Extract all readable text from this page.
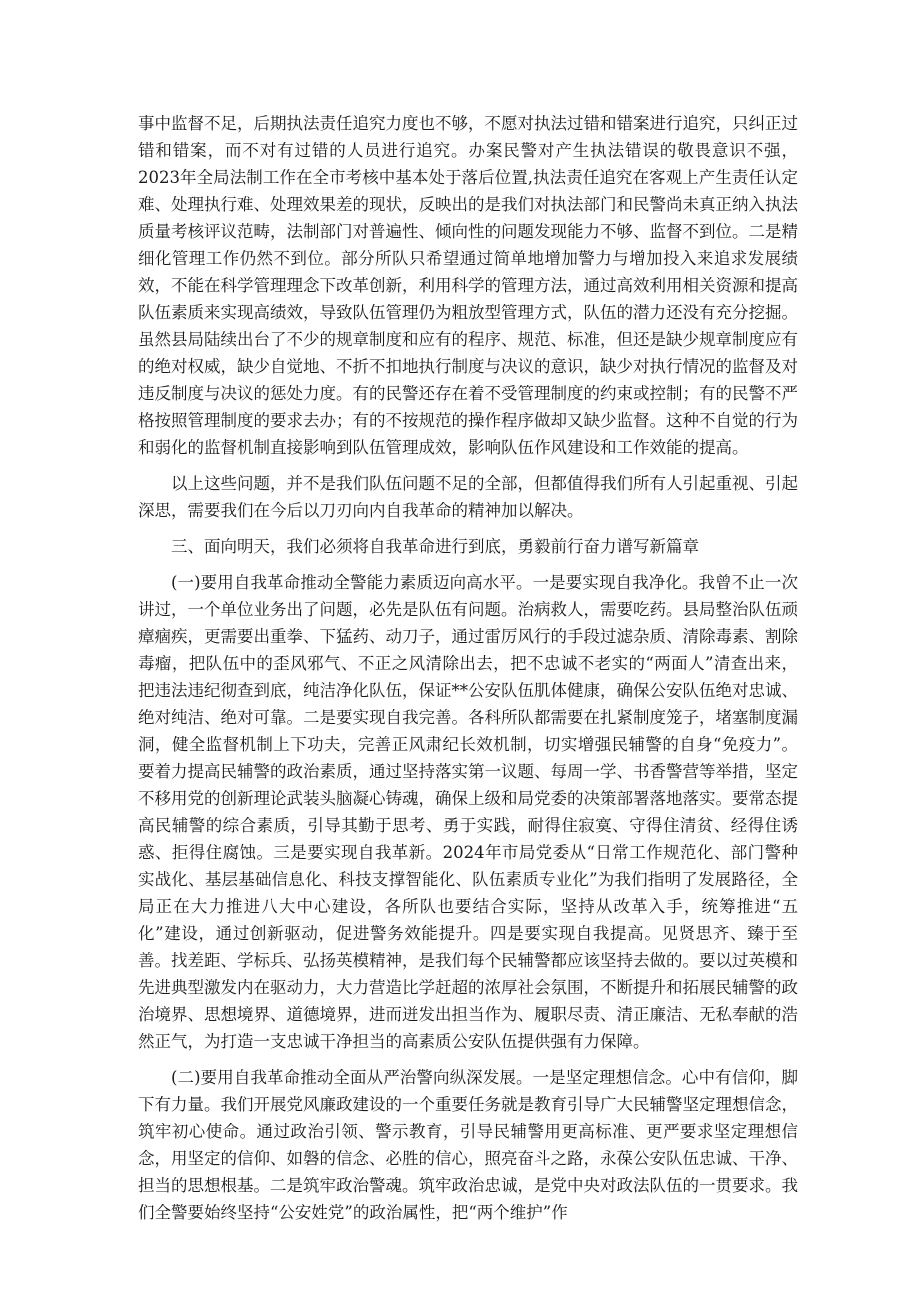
事中监督不足，后期执法责任追究力度也不够，不愿对执法过错和错案进行追究，只纠正过错和错案，而不对有过错的人员进行追究。办案民警对产生执法错误的敬畏意识不强，2023年全局法制工作在全市考核中基本处于落后位置,执法责任追究在客观上产生责任认定难、处理执行难、处理效果差的现状，反映出的是我们对执法部门和民警尚未真正纳入执法质量考核评议范畴，法制部门对普遍性、倾向性的问题发现能力不够、监督不到位。二是精细化管理工作仍然不到位。部分所队只希望通过简单地增加警力与增加投入来追求发展绩效，不能在科学管理理念下改革创新，利用科学的管理方法，通过高效利用相关资源和提高队伍素质来实现高绩效，导致队伍管理仍为粗放型管理方式，队伍的潜力还没有充分挖掘。虽然县局陆续出台了不少的规章制度和应有的程序、规范、标准，但还是缺少规章制度应有的绝对权威，缺少自觉地、不折不扣地执行制度与决议的意识，缺少对执行情况的监督及对违反制度与决议的惩处力度。有的民警还存在着不受管理制度的约束或控制；有的民警不严格按照管理制度的要求去办；有的不按规范的操作程序做却又缺少监督。这种不自觉的行为和弱化的监督机制直接影响到队伍管理成效，影响队伍作风建设和工作效能的提高。

以上这些问题，并不是我们队伍问题不足的全部，但都值得我们所有人引起重视、引起深思，需要我们在今后以刀刃向内自我革命的精神加以解决。

三、面向明天，我们必须将自我革命进行到底，勇毅前行奋力谱写新篇章

(一)要用自我革命推动全警能力素质迈向高水平。一是要实现自我净化。我曾不止一次讲过，一个单位业务出了问题，必先是队伍有问题。治病救人，需要吃药。县局整治队伍顽瘴痼疾，更需要出重拳、下猛药、动刀子，通过雷厉风行的手段过滤杂质、清除毒素、割除毒瘤，把队伍中的歪风邪气、不正之风清除出去，把不忠诚不老实的“两面人”清查出来，把违法违纪彻查到底，纯洁净化队伍，保证**公安队伍肌体健康，确保公安队伍绝对忠诚、绝对纯洁、绝对可靠。二是要实现自我完善。各科所队都需要在扎紧制度笼子，堵塞制度漏洞，健全监督机制上下功夫，完善正风肃纪长效机制，切实增强民辅警的自身“免疫力”。要着力提高民辅警的政治素质，通过坚持落实第一议题、每周一学、书香警营等举措，坚定不移用党的创新理论武装头脑凝心铸魂，确保上级和局党委的决策部署落地落实。要常态提高民辅警的综合素质，引导其勤于思考、勇于实践，耐得住寂寞、守得住清贫、经得住诱惑、拒得住腐蚀。三是要实现自我革新。2024年市局党委从“日常工作规范化、部门警种实战化、基层基础信息化、科技支撑智能化、队伍素质专业化”为我们指明了发展路径，全局正在大力推进八大中心建设，各所队也要结合实际，坚持从改革入手，统筹推进“五化”建设，通过创新驱动，促进警务效能提升。四是要实现自我提高。见贤思齐、臻于至善。找差距、学标兵、弘扬英模精神，是我们每个民辅警都应该坚持去做的。要以过英模和先进典型激发内在驱动力，大力营造比学赶超的浓厚社会氛围，不断提升和拓展民辅警的政治境界、思想境界、道德境界，进而迸发出担当作为、履职尽责、清正廉洁、无私奉献的浩然正气，为打造一支忠诚干净担当的高素质公安队伍提供强有力保障。

(二)要用自我革命推动全面从严治警向纵深发展。一是坚定理想信念。心中有信仰，脚下有力量。我们开展党风廉政建设的一个重要任务就是教育引导广大民辅警坚定理想信念，筑牢初心使命。通过政治引领、警示教育，引导民辅警用更高标准、更严要求坚定理想信念，用坚定的信仰、如磐的信念、必胜的信心，照亮奋斗之路，永葆公安队伍忠诚、干净、担当的思想根基。二是筑牢政治警魂。筑牢政治忠诚，是党中央对政法队伍的一贯要求。我们全警要始终坚持“公安姓党”的政治属性，把“两个维护”作
